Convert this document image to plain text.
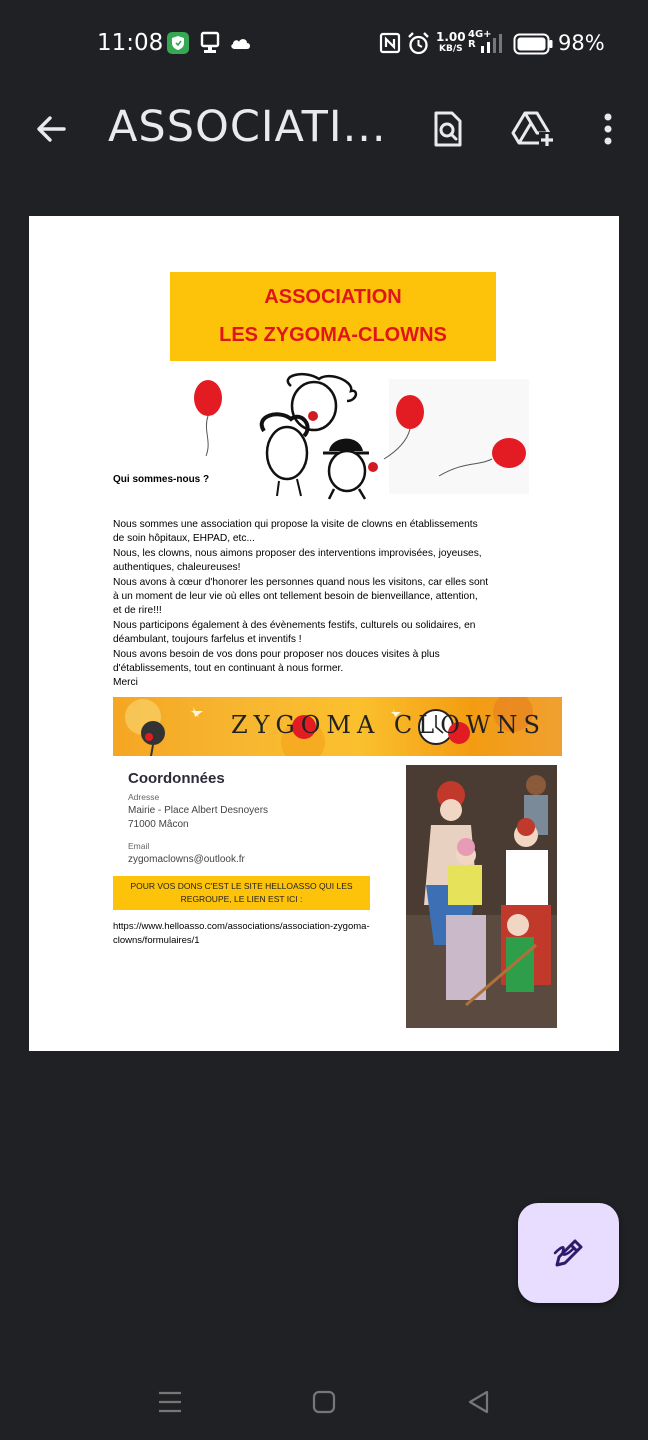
11:08	1.00
KB/S
4G+
R	98%
ASSOCIATI...
ASSOCIATION
LES ZYGOMA-CLOWNS
Qui sommes-nous ?
Nous sommes une association qui propose la visite de clowns en établissements
de soin hôpitaux, EHPAD, etc...
Nous, les clowns, nous aimons proposer des interventions improvisées, joyeuses,
authentiques, chaleureuses!
Nous avons à cœur d'honorer les personnes quand nous les visitons, car elles sont
à un moment de leur vie où elles ont tellement besoin de bienveillance, attention,
et de rire!!!
Nous participons également à des évènements festifs, culturels ou solidaires, en
déambulant, toujours farfelus et inventifs !
Nous avons besoin de vos dons pour proposer nos douces visites à plus
d'établissements, tout en continuant à nous former.
Merci
ZYGOMA CLOWNS
Coordonnées
Adresse
Mairie - Place Albert Desnoyers
71000 Mâcon
Email
zygomaclowns@outlook.fr
POUR VOS DONS C'EST LE SITE HELLOASSO QUI LES
REGROUPE, LE LIEN EST ICI :
https://www.helloasso.com/associations/association-zygoma-
clowns/formulaires/1
